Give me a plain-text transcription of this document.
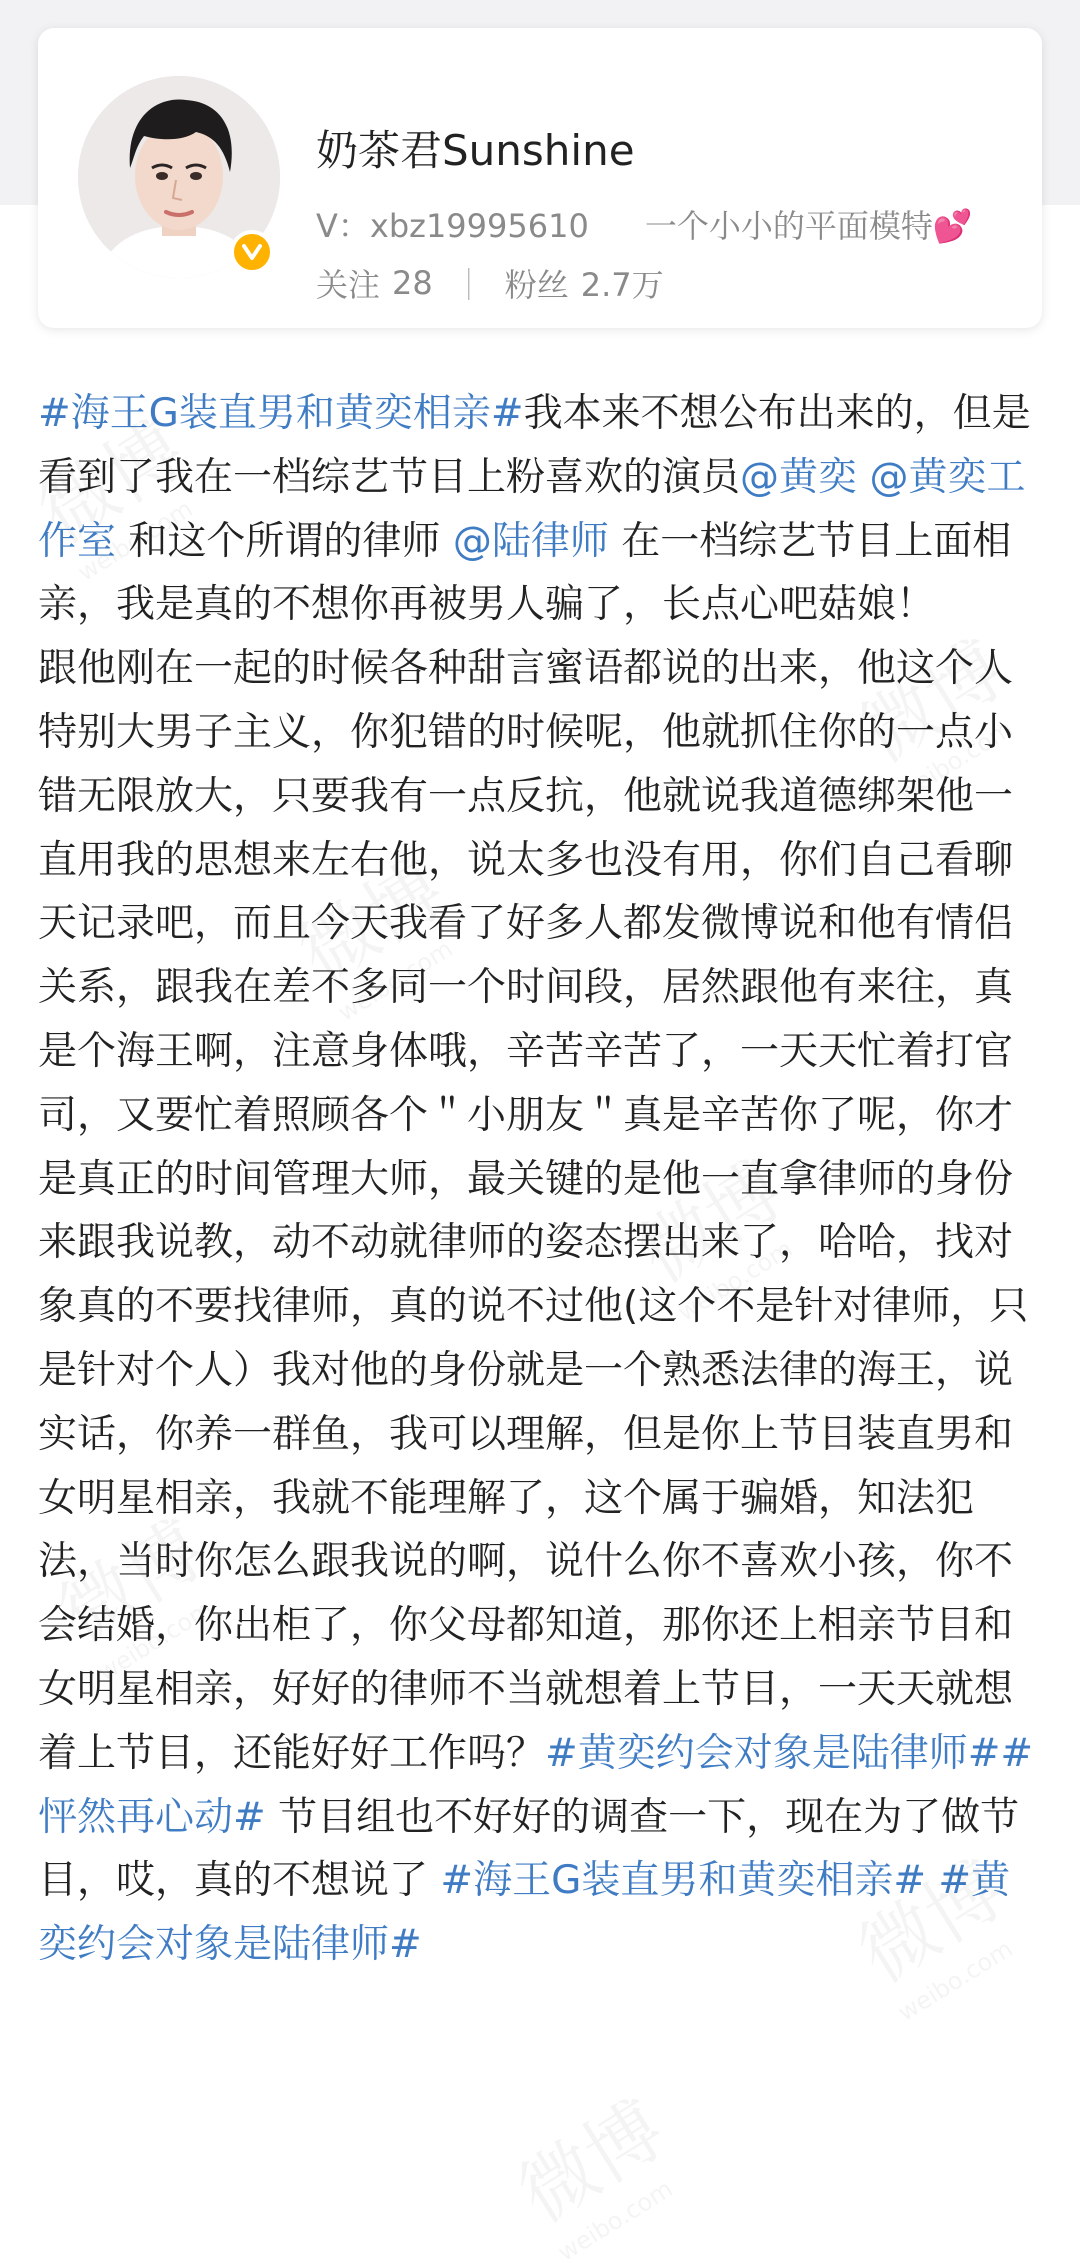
奶茶君Sunshine
V：xbz19995610 一个小小的平面模特💕
关注 28 ｜ 粉丝 2.7万

#海王G装直男和黄奕相亲#我本来不想公布出来的，但是看到了我在一档综艺节目上粉喜欢的演员@黄奕 @黄奕工作室 和这个所谓的律师 @陆律师 在一档综艺节目上面相亲，我是真的不想你再被男人骗了，长点心吧菇娘！

跟他刚在一起的时候各种甜言蜜语都说的出来，他这个人特别大男子主义，你犯错的时候呢，他就抓住你的一点小错无限放大，只要我有一点反抗，他就说我道德绑架他一直用我的思想来左右他，说太多也没有用，你们自己看聊天记录吧，而且今天我看了好多人都发微博说和他有情侣关系，跟我在差不多同一个时间段，居然跟他有来往，真是个海王啊，注意身体哦，辛苦辛苦了，一天天忙着打官司，又要忙着照顾各个＂小朋友＂真是辛苦你了呢，你才是真正的时间管理大师，最关键的是他一直拿律师的身份来跟我说教，动不动就律师的姿态摆出来了，哈哈，找对象真的不要找律师，真的说不过他(这个不是针对律师，只是针对个人）我对他的身份就是一个熟悉法律的海王，说实话，你养一群鱼，我可以理解，但是你上节目装直男和女明星相亲，我就不能理解了，这个属于骗婚，知法犯法，当时你怎么跟我说的啊，说什么你不喜欢小孩，你不会结婚，你出柜了，你父母都知道，那你还上相亲节目和女明星相亲，好好的律师不当就想着上节目，一天天就想着上节目，还能好好工作吗？#黄奕约会对象是陆律师##怦然再心动# 节目组也不好好的调查一下，现在为了做节目，哎，真的不想说了 #海王G装直男和黄奕相亲# #黄奕约会对象是陆律师#
